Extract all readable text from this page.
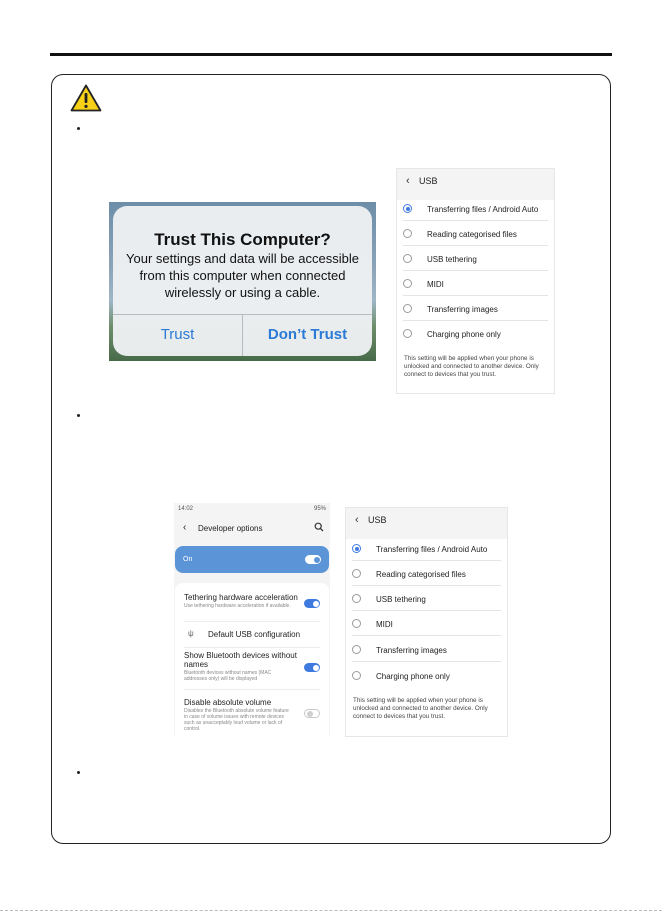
Trust This Computer?
Your settings and data will be accessible from this computer when connected wirelessly or using a cable.
Trust	Don’t Trust
‹ USB
Transferring files / Android Auto
Reading categorised files
USB tethering
MIDI
Transferring images
Charging phone only
This setting will be applied when your phone is unlocked and connected to another device. Only connect to devices that you trust.
14:02	95%
‹ Developer options
On
Tethering hardware acceleration
Use tethering hardware acceleration if available.
ψ Default USB configuration
Show Bluetooth devices without names
Bluetooth devices without names (MAC addresses only) will be displayed
Disable absolute volume
Disables the Bluetooth absolute volume feature in case of volume issues with remote devices such as unacceptably loud volume or lack of control.
‹ USB
Transferring files / Android Auto
Reading categorised files
USB tethering
MIDI
Transferring images
Charging phone only
This setting will be applied when your phone is unlocked and connected to another device. Only connect to devices that you trust.
